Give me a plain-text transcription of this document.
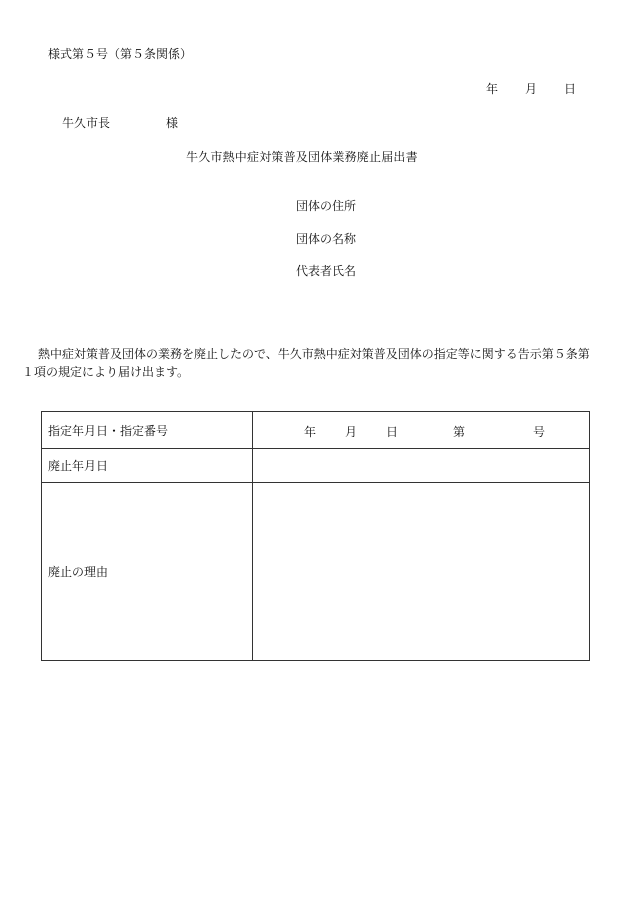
様式第５号（第５条関係）
年 月 日
牛久市長	様
牛久市熱中症対策普及団体業務廃止届出書
団体の住所
団体の名称
代表者氏名
熱中症対策普及団体の業務を廃止したので、牛久市熱中症対策普及団体の指定等に関する告示第５条第１項の規定により届け出ます。
指定年月日・指定番号	年 月 日 第 号

廃止年月日	
廃止の理由	
